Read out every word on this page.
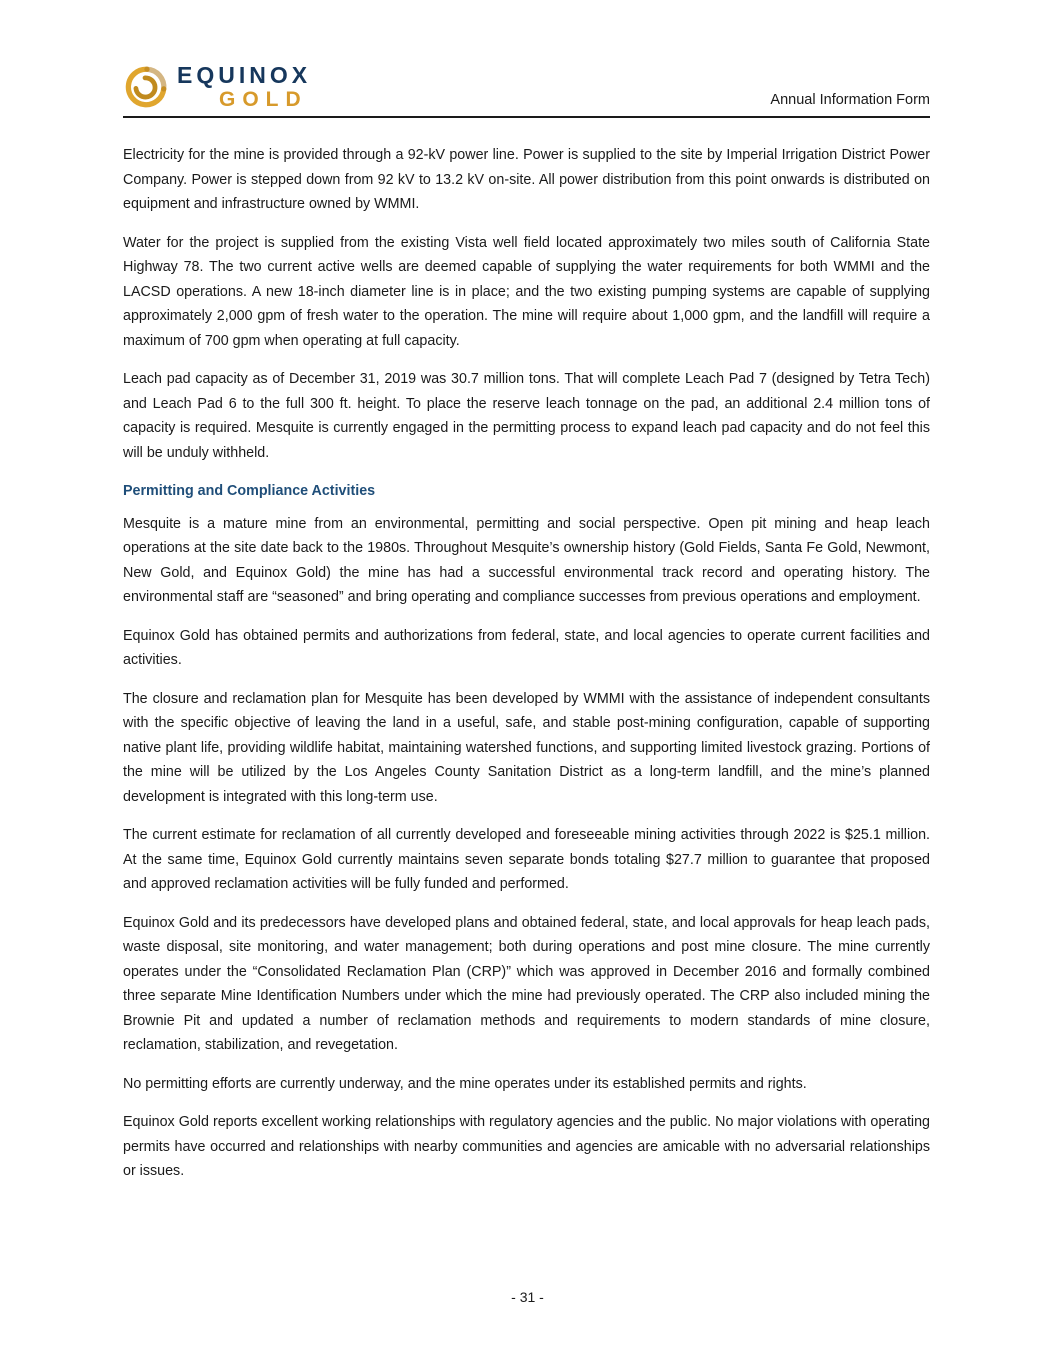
EQUINOX
GOLD	Annual Information Form

Electricity for the mine is provided through a 92-kV power line. Power is supplied to the site by Imperial Irrigation District Power Company. Power is stepped down from 92 kV to 13.2 kV on-site. All power distribution from this point onwards is distributed on equipment and infrastructure owned by WMMI.

Water for the project is supplied from the existing Vista well field located approximately two miles south of California State Highway 78. The two current active wells are deemed capable of supplying the water requirements for both WMMI and the LACSD operations. A new 18-inch diameter line is in place; and the two existing pumping systems are capable of supplying approximately 2,000 gpm of fresh water to the operation. The mine will require about 1,000 gpm, and the landfill will require a maximum of 700 gpm when operating at full capacity.

Leach pad capacity as of December 31, 2019 was 30.7 million tons. That will complete Leach Pad 7 (designed by Tetra Tech) and Leach Pad 6 to the full 300 ft. height. To place the reserve leach tonnage on the pad, an additional 2.4 million tons of capacity is required. Mesquite is currently engaged in the permitting process to expand leach pad capacity and do not feel this will be unduly withheld.

Permitting and Compliance Activities

Mesquite is a mature mine from an environmental, permitting and social perspective. Open pit mining and heap leach operations at the site date back to the 1980s. Throughout Mesquite’s ownership history (Gold Fields, Santa Fe Gold, Newmont, New Gold, and Equinox Gold) the mine has had a successful environmental track record and operating history. The environmental staff are “seasoned” and bring operating and compliance successes from previous operations and employment.

Equinox Gold has obtained permits and authorizations from federal, state, and local agencies to operate current facilities and activities.

The closure and reclamation plan for Mesquite has been developed by WMMI with the assistance of independent consultants with the specific objective of leaving the land in a useful, safe, and stable post-mining configuration, capable of supporting native plant life, providing wildlife habitat, maintaining watershed functions, and supporting limited livestock grazing. Portions of the mine will be utilized by the Los Angeles County Sanitation District as a long-term landfill, and the mine’s planned development is integrated with this long-term use.

The current estimate for reclamation of all currently developed and foreseeable mining activities through 2022 is $25.1 million. At the same time, Equinox Gold currently maintains seven separate bonds totaling $27.7 million to guarantee that proposed and approved reclamation activities will be fully funded and performed.

Equinox Gold and its predecessors have developed plans and obtained federal, state, and local approvals for heap leach pads, waste disposal, site monitoring, and water management; both during operations and post mine closure. The mine currently operates under the “Consolidated Reclamation Plan (CRP)” which was approved in December 2016 and formally combined three separate Mine Identification Numbers under which the mine had previously operated. The CRP also included mining the Brownie Pit and updated a number of reclamation methods and requirements to modern standards of mine closure, reclamation, stabilization, and revegetation.

No permitting efforts are currently underway, and the mine operates under its established permits and rights.

Equinox Gold reports excellent working relationships with regulatory agencies and the public. No major violations with operating permits have occurred and relationships with nearby communities and agencies are amicable with no adversarial relationships or issues.

- 31 -
